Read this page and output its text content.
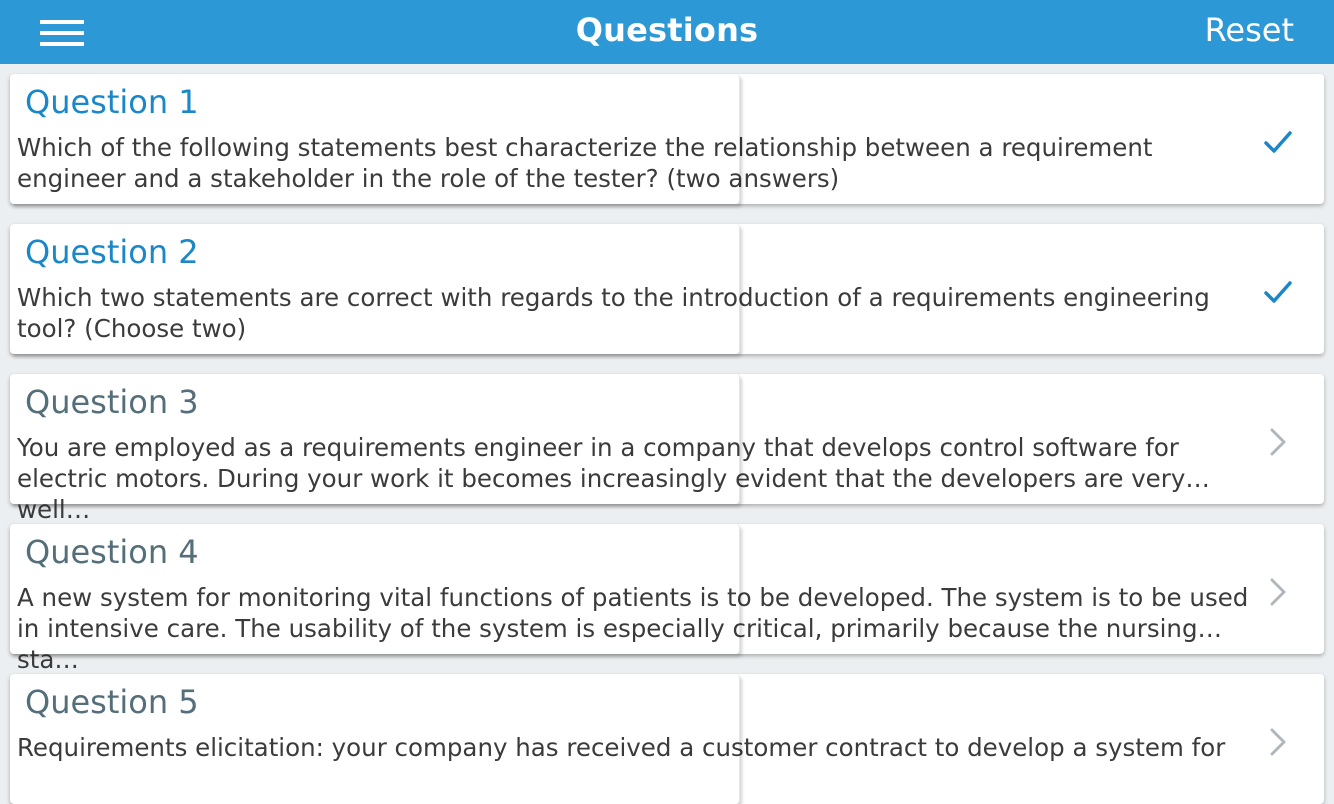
Questions	Reset
Question 1
Which of the following statements best characterize the relationship between a requirement engineer and a stakeholder in the role of the tester? (two answers)
Question 2
Which two statements are correct with regards to the introduction of a requirements engineering tool? (Choose two)
Question 3
You are employed as a requirements engineer in a company that develops control software for electric motors. During your work it becomes increasingly evident that the developers are very well…
Question 4
A new system for monitoring vital functions of patients is to be developed. The system is to be used in intensive care. The usability of the system is especially critical, primarily because the nursing sta…
Question 5
Requirements elicitation: your company has received a customer contract to develop a system for
